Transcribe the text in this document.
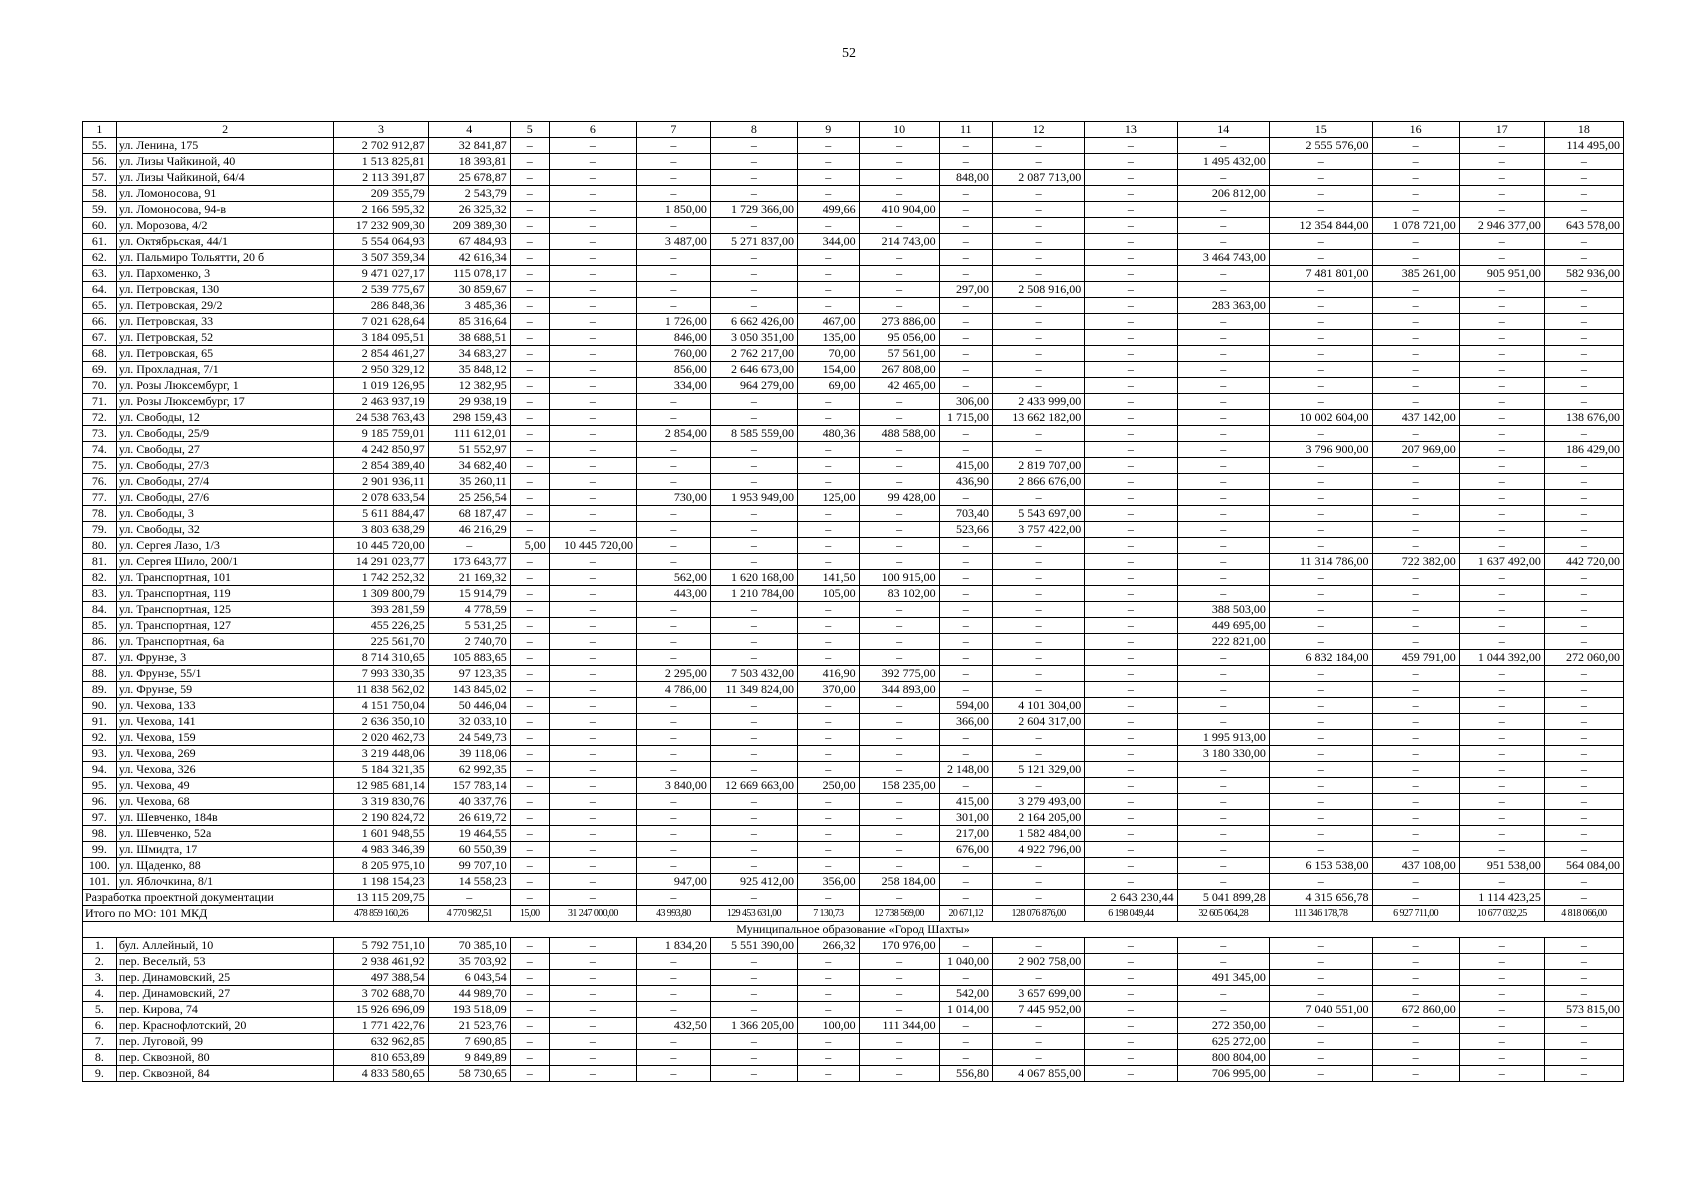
52
1	2	3	4	5	6	7	8	9	10	11	12	13	14	15	16	17	18
55.	ул. Ленина, 175	2 702 912,87	32 841,87	–	–	–	–	–	–	–	–	–	–	2 555 576,00	–	–	114 495,00
56.	ул. Лизы Чайкиной, 40	1 513 825,81	18 393,81	–	–	–	–	–	–	–	–	–	1 495 432,00	–	–	–	–
57.	ул. Лизы Чайкиной, 64/4	2 113 391,87	25 678,87	–	–	–	–	–	–	848,00	2 087 713,00	–	–	–	–	–	–
58.	ул. Ломоносова, 91	209 355,79	2 543,79	–	–	–	–	–	–	–	–	–	206 812,00	–	–	–	–
59.	ул. Ломоносова, 94-в	2 166 595,32	26 325,32	–	–	1 850,00	1 729 366,00	499,66	410 904,00	–	–	–	–	–	–	–	–
60.	ул. Морозова, 4/2	17 232 909,30	209 389,30	–	–	–	–	–	–	–	–	–	–	12 354 844,00	1 078 721,00	2 946 377,00	643 578,00
61.	ул. Октябрьская, 44/1	5 554 064,93	67 484,93	–	–	3 487,00	5 271 837,00	344,00	214 743,00	–	–	–	–	–	–	–	–
62.	ул. Пальмиро Тольятти, 20 б	3 507 359,34	42 616,34	–	–	–	–	–	–	–	–	–	3 464 743,00	–	–	–	–
63.	ул. Пархоменко, 3	9 471 027,17	115 078,17	–	–	–	–	–	–	–	–	–	–	7 481 801,00	385 261,00	905 951,00	582 936,00
64.	ул. Петровская, 130	2 539 775,67	30 859,67	–	–	–	–	–	–	297,00	2 508 916,00	–	–	–	–	–	–
65.	ул. Петровская, 29/2	286 848,36	3 485,36	–	–	–	–	–	–	–	–	–	283 363,00	–	–	–	–
66.	ул. Петровская, 33	7 021 628,64	85 316,64	–	–	1 726,00	6 662 426,00	467,00	273 886,00	–	–	–	–	–	–	–	–
67.	ул. Петровская, 52	3 184 095,51	38 688,51	–	–	846,00	3 050 351,00	135,00	95 056,00	–	–	–	–	–	–	–	–
68.	ул. Петровская, 65	2 854 461,27	34 683,27	–	–	760,00	2 762 217,00	70,00	57 561,00	–	–	–	–	–	–	–	–
69.	ул. Прохладная, 7/1	2 950 329,12	35 848,12	–	–	856,00	2 646 673,00	154,00	267 808,00	–	–	–	–	–	–	–	–
70.	ул. Розы Люксембург, 1	1 019 126,95	12 382,95	–	–	334,00	964 279,00	69,00	42 465,00	–	–	–	–	–	–	–	–
71.	ул. Розы Люксембург, 17	2 463 937,19	29 938,19	–	–	–	–	–	–	306,00	2 433 999,00	–	–	–	–	–	–
72.	ул. Свободы, 12	24 538 763,43	298 159,43	–	–	–	–	–	–	1 715,00	13 662 182,00	–	–	10 002 604,00	437 142,00	–	138 676,00
73.	ул. Свободы, 25/9	9 185 759,01	111 612,01	–	–	2 854,00	8 585 559,00	480,36	488 588,00	–	–	–	–	–	–	–	–
74.	ул. Свободы, 27	4 242 850,97	51 552,97	–	–	–	–	–	–	–	–	–	–	3 796 900,00	207 969,00	–	186 429,00
75.	ул. Свободы, 27/3	2 854 389,40	34 682,40	–	–	–	–	–	–	415,00	2 819 707,00	–	–	–	–	–	–
76.	ул. Свободы, 27/4	2 901 936,11	35 260,11	–	–	–	–	–	–	436,90	2 866 676,00	–	–	–	–	–	–
77.	ул. Свободы, 27/6	2 078 633,54	25 256,54	–	–	730,00	1 953 949,00	125,00	99 428,00	–	–	–	–	–	–	–	–
78.	ул. Свободы, 3	5 611 884,47	68 187,47	–	–	–	–	–	–	703,40	5 543 697,00	–	–	–	–	–	–
79.	ул. Свободы, 32	3 803 638,29	46 216,29	–	–	–	–	–	–	523,66	3 757 422,00	–	–	–	–	–	–
80.	ул. Сергея Лазо, 1/3	10 445 720,00	–	5,00	10 445 720,00	–	–	–	–	–	–	–	–	–	–	–	–
81.	ул. Сергея Шило, 200/1	14 291 023,77	173 643,77	–	–	–	–	–	–	–	–	–	–	11 314 786,00	722 382,00	1 637 492,00	442 720,00
82.	ул. Транспортная, 101	1 742 252,32	21 169,32	–	–	562,00	1 620 168,00	141,50	100 915,00	–	–	–	–	–	–	–	–
83.	ул. Транспортная, 119	1 309 800,79	15 914,79	–	–	443,00	1 210 784,00	105,00	83 102,00	–	–	–	–	–	–	–	–
84.	ул. Транспортная, 125	393 281,59	4 778,59	–	–	–	–	–	–	–	–	–	388 503,00	–	–	–	–
85.	ул. Транспортная, 127	455 226,25	5 531,25	–	–	–	–	–	–	–	–	–	449 695,00	–	–	–	–
86.	ул. Транспортная, 6а	225 561,70	2 740,70	–	–	–	–	–	–	–	–	–	222 821,00	–	–	–	–
87.	ул. Фрунзе, 3	8 714 310,65	105 883,65	–	–	–	–	–	–	–	–	–	–	6 832 184,00	459 791,00	1 044 392,00	272 060,00
88.	ул. Фрунзе, 55/1	7 993 330,35	97 123,35	–	–	2 295,00	7 503 432,00	416,90	392 775,00	–	–	–	–	–	–	–	–
89.	ул. Фрунзе, 59	11 838 562,02	143 845,02	–	–	4 786,00	11 349 824,00	370,00	344 893,00	–	–	–	–	–	–	–	–
90.	ул. Чехова, 133	4 151 750,04	50 446,04	–	–	–	–	–	–	594,00	4 101 304,00	–	–	–	–	–	–
91.	ул. Чехова, 141	2 636 350,10	32 033,10	–	–	–	–	–	–	366,00	2 604 317,00	–	–	–	–	–	–
92.	ул. Чехова, 159	2 020 462,73	24 549,73	–	–	–	–	–	–	–	–	–	1 995 913,00	–	–	–	–
93.	ул. Чехова, 269	3 219 448,06	39 118,06	–	–	–	–	–	–	–	–	–	3 180 330,00	–	–	–	–
94.	ул. Чехова, 326	5 184 321,35	62 992,35	–	–	–	–	–	–	2 148,00	5 121 329,00	–	–	–	–	–	–
95.	ул. Чехова, 49	12 985 681,14	157 783,14	–	–	3 840,00	12 669 663,00	250,00	158 235,00	–	–	–	–	–	–	–	–
96.	ул. Чехова, 68	3 319 830,76	40 337,76	–	–	–	–	–	–	415,00	3 279 493,00	–	–	–	–	–	–
97.	ул. Шевченко, 184в	2 190 824,72	26 619,72	–	–	–	–	–	–	301,00	2 164 205,00	–	–	–	–	–	–
98.	ул. Шевченко, 52а	1 601 948,55	19 464,55	–	–	–	–	–	–	217,00	1 582 484,00	–	–	–	–	–	–
99.	ул. Шмидта, 17	4 983 346,39	60 550,39	–	–	–	–	–	–	676,00	4 922 796,00	–	–	–	–	–	–
100.	ул. Щаденко, 88	8 205 975,10	99 707,10	–	–	–	–	–	–	–	–	–	–	6 153 538,00	437 108,00	951 538,00	564 084,00
101.	ул. Яблочкина, 8/1	1 198 154,23	14 558,23	–	–	947,00	925 412,00	356,00	258 184,00	–	–	–	–	–	–	–	–
Разработка проектной документации		13 115 209,75	–	–	–	–	–	–	–	–	–	2 643 230,44	5 041 899,28	4 315 656,78	–	1 114 423,25	–
Итого по МО: 101 МКД		478 859 160,26	4 770 982,51	15,00	31 247 000,00	43 993,80	129 453 631,00	7 130,73	12 738 569,00	20 671,12	128 076 876,00	6 198 049,44	32 605 064,28	111 346 178,78	6 927 711,00	10 677 032,25	4 818 066,00
Муниципальное образование «Город Шахты»																	
1.	бул. Аллейный, 10	5 792 751,10	70 385,10	–	–	1 834,20	5 551 390,00	266,32	170 976,00	–	–	–	–	–	–	–	–
2.	пер. Веселый, 53	2 938 461,92	35 703,92	–	–	–	–	–	–	1 040,00	2 902 758,00	–	–	–	–	–	–
3.	пер. Динамовский, 25	497 388,54	6 043,54	–	–	–	–	–	–	–	–	–	491 345,00	–	–	–	–
4.	пер. Динамовский, 27	3 702 688,70	44 989,70	–	–	–	–	–	–	542,00	3 657 699,00	–	–	–	–	–	–
5.	пер. Кирова, 74	15 926 696,09	193 518,09	–	–	–	–	–	–	1 014,00	7 445 952,00	–	–	7 040 551,00	672 860,00	–	573 815,00
6.	пер. Краснофлотский, 20	1 771 422,76	21 523,76	–	–	432,50	1 366 205,00	100,00	111 344,00	–	–	–	272 350,00	–	–	–	–
7.	пер. Луговой, 99	632 962,85	7 690,85	–	–	–	–	–	–	–	–	–	625 272,00	–	–	–	–
8.	пер. Сквозной, 80	810 653,89	9 849,89	–	–	–	–	–	–	–	–	–	800 804,00	–	–	–	–
9.	пер. Сквозной, 84	4 833 580,65	58 730,65	–	–	–	–	–	–	556,80	4 067 855,00	–	706 995,00	–	–	–	–
